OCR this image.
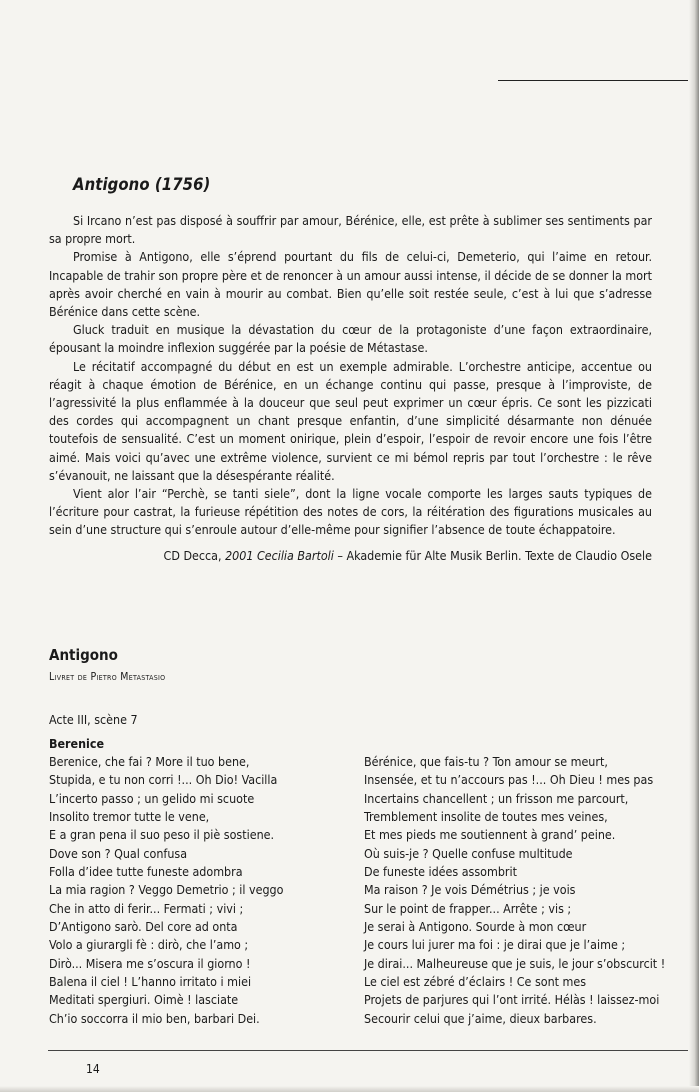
Antigono (1756)

Si Ircano n’est pas disposé à souffrir par amour, Bérénice, elle, est prête à sublimer ses sentiments par sa propre mort.

Promise à Antigono, elle s’éprend pourtant du fils de celui-ci, Demeterio, qui l’aime en retour. Incapable de trahir son propre père et de renoncer à un amour aussi intense, il décide de se donner la mort après avoir cherché en vain à mourir au combat. Bien qu’elle soit restée seule, c’est à lui que s’adresse Bérénice dans cette scène.

Gluck traduit en musique la dévastation du cœur de la protagoniste d’une façon extraordinaire, épousant la moindre inflexion suggérée par la poésie de Métastase.

Le récitatif accompagné du début en est un exemple admirable. L’orchestre anticipe, accentue ou réagit à chaque émotion de Bérénice, en un échange continu qui passe, presque à l’improviste, de l’agressivité la plus enflammée à la douceur que seul peut exprimer un cœur épris. Ce sont les pizzicati des cordes qui accompagnent un chant presque enfantin, d’une simplicité désarmante non dénuée toutefois de sensualité. C’est un moment onirique, plein d’espoir, l’espoir de revoir encore une fois l’être aimé. Mais voici qu’avec une extrême violence, survient ce mi bémol repris par tout l’orchestre : le rêve s’évanouit, ne laissant que la désespérante réalité.

Vient alor l’air “Perchè, se tanti siele”, dont la ligne vocale comporte les larges sauts typiques de l’écriture pour castrat, la furieuse répétition des notes de cors, la réitération des figurations musicales au sein d’une structure qui s’enroule autour d’elle-même pour signifier l’absence de toute échappatoire.

CD Decca, 2001 Cecilia Bartoli – Akademie für Alte Musik Berlin. Texte de Claudio Osele
Antigono
Livret de Pietro Metastasio
Acte III, scène 7
Berenice
Berenice, che fai ? More il tuo bene,
Stupida, e tu non corri !... Oh Dio! Vacilla
L’incerto passo ; un gelido mi scuote
Insolito tremor tutte le vene,
E a gran pena il suo peso il piè sostiene.
Dove son ? Qual confusa
Folla d’idee tutte funeste adombra
La mia ragion ? Veggo Demetrio ; il veggo
Che in atto di ferir... Fermati ; vivi ;
D’Antigono sarò. Del core ad onta
Volo a giurargli fè : dirò, che l’amo ;
Dirò... Misera me s’oscura il giorno !
Balena il ciel ! L’hanno irritato i miei
Meditati spergiuri. Oimè ! lasciate
Ch’io soccorra il mio ben, barbari Dei.
Bérénice, que fais-tu ? Ton amour se meurt,
Insensée, et tu n’accours pas !... Oh Dieu ! mes pas
Incertains chancellent ; un frisson me parcourt,
Tremblement insolite de toutes mes veines,
Et mes pieds me soutiennent à grand’ peine.
Où suis-je ? Quelle confuse multitude
De funeste idées assombrit
Ma raison ? Je vois Démétrius ; je vois
Sur le point de frapper... Arrête ; vis ;
Je serai à Antigono. Sourde à mon cœur
Je cours lui jurer ma foi : je dirai que je l’aime ;
Je dirai... Malheureuse que je suis, le jour s’obscurcit !
Le ciel est zébré d’éclairs ! Ce sont mes
Projets de parjures qui l’ont irrité. Hélàs ! laissez-moi
Secourir celui que j’aime, dieux barbares.
14
